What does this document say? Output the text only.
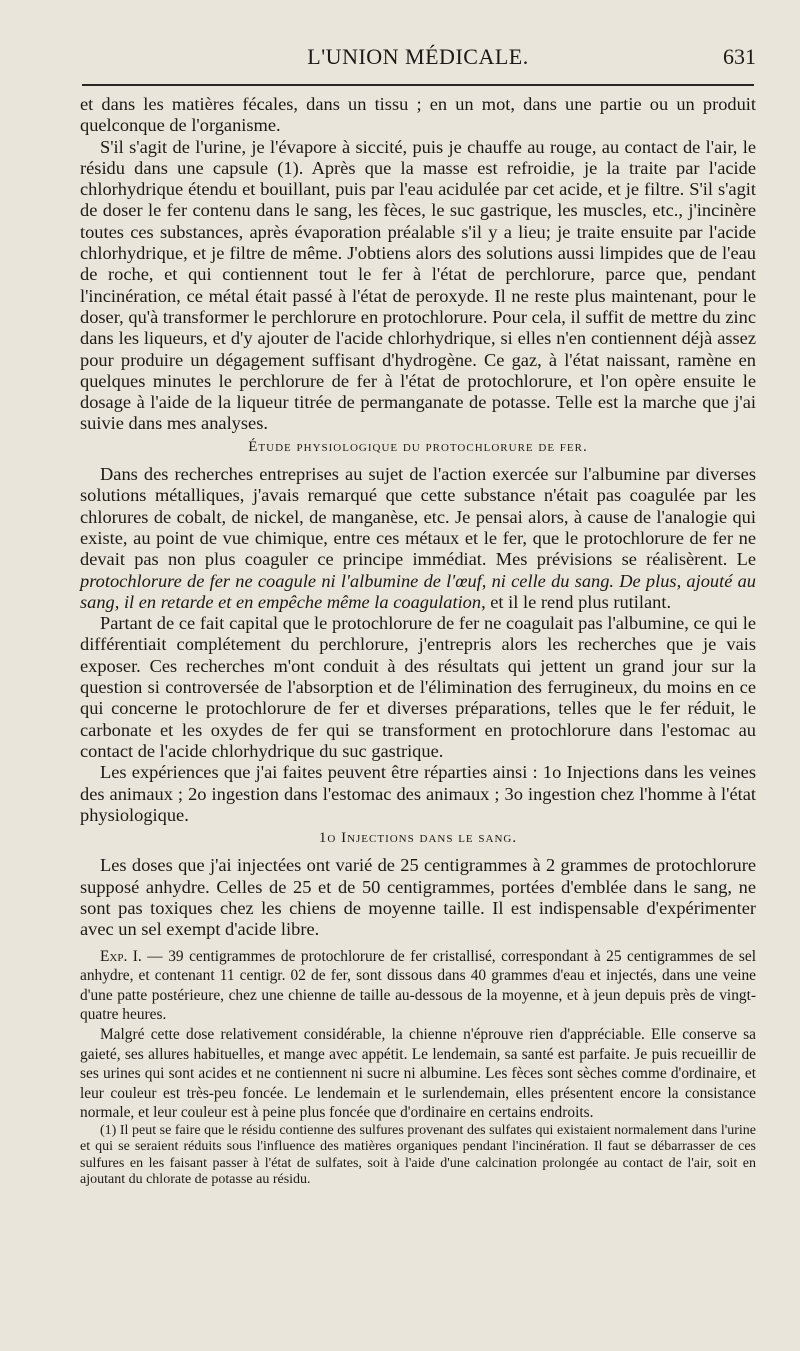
L'UNION MÉDICALE.	631

et dans les matières fécales, dans un tissu ; en un mot, dans une partie ou un produit quelconque de l'organisme.

S'il s'agit de l'urine, je l'évapore à siccité, puis je chauffe au rouge, au contact de l'air, le résidu dans une capsule (1). Après que la masse est refroidie, je la traite par l'acide chlorhydrique étendu et bouillant, puis par l'eau acidulée par cet acide, et je filtre. S'il s'agit de doser le fer contenu dans le sang, les fèces, le suc gastrique, les muscles, etc., j'incinère toutes ces substances, après évaporation préalable s'il y a lieu; je traite ensuite par l'acide chlorhydrique, et je filtre de même. J'obtiens alors des solutions aussi limpides que de l'eau de roche, et qui contiennent tout le fer à l'état de perchlorure, parce que, pendant l'incinération, ce métal était passé à l'état de peroxyde. Il ne reste plus maintenant, pour le doser, qu'à transformer le perchlorure en protochlorure. Pour cela, il suffit de mettre du zinc dans les liqueurs, et d'y ajouter de l'acide chlorhydrique, si elles n'en contiennent déjà assez pour produire un dégagement suffisant d'hydrogène. Ce gaz, à l'état naissant, ramène en quelques minutes le perchlorure de fer à l'état de protochlorure, et l'on opère ensuite le dosage à l'aide de la liqueur titrée de permanganate de potasse. Telle est la marche que j'ai suivie dans mes analyses.

Étude physiologique du protochlorure de fer.

Dans des recherches entreprises au sujet de l'action exercée sur l'albumine par diverses solutions métalliques, j'avais remarqué que cette substance n'était pas coagulée par les chlorures de cobalt, de nickel, de manganèse, etc. Je pensai alors, à cause de l'analogie qui existe, au point de vue chimique, entre ces métaux et le fer, que le protochlorure de fer ne devait pas non plus coaguler ce principe immédiat. Mes prévisions se réalisèrent. Le protochlorure de fer ne coagule ni l'albumine de l'œuf, ni celle du sang. De plus, ajouté au sang, il en retarde et en empêche même la coagulation, et il le rend plus rutilant.

Partant de ce fait capital que le protochlorure de fer ne coagulait pas l'albumine, ce qui le différentiait complétement du perchlorure, j'entrepris alors les recherches que je vais exposer. Ces recherches m'ont conduit à des résultats qui jettent un grand jour sur la question si controversée de l'absorption et de l'élimination des ferrugineux, du moins en ce qui concerne le protochlorure de fer et diverses préparations, telles que le fer réduit, le carbonate et les oxydes de fer qui se transforment en protochlorure dans l'estomac au contact de l'acide chlorhydrique du suc gastrique.

Les expériences que j'ai faites peuvent être réparties ainsi : 1o Injections dans les veines des animaux ; 2o ingestion dans l'estomac des animaux ; 3o ingestion chez l'homme à l'état physiologique.

1o Injections dans le sang.

Les doses que j'ai injectées ont varié de 25 centigrammes à 2 grammes de protochlorure supposé anhydre. Celles de 25 et de 50 centigrammes, portées d'emblée dans le sang, ne sont pas toxiques chez les chiens de moyenne taille. Il est indispensable d'expérimenter avec un sel exempt d'acide libre.

Exp. I. — 39 centigrammes de protochlorure de fer cristallisé, correspondant à 25 centigrammes de sel anhydre, et contenant 11 centigr. 02 de fer, sont dissous dans 40 grammes d'eau et injectés, dans une veine d'une patte postérieure, chez une chienne de taille au-dessous de la moyenne, et à jeun depuis près de vingt-quatre heures.

Malgré cette dose relativement considérable, la chienne n'éprouve rien d'appréciable. Elle conserve sa gaieté, ses allures habituelles, et mange avec appétit. Le lendemain, sa santé est parfaite. Je puis recueillir de ses urines qui sont acides et ne contiennent ni sucre ni albumine. Les fèces sont sèches comme d'ordinaire, et leur couleur est très-peu foncée. Le lendemain et le surlendemain, elles présentent encore la consistance normale, et leur couleur est à peine plus foncée que d'ordinaire en certains endroits.

(1) Il peut se faire que le résidu contienne des sulfures provenant des sulfates qui existaient normalement dans l'urine et qui se seraient réduits sous l'influence des matières organiques pendant l'incinération. Il faut se débarrasser de ces sulfures en les faisant passer à l'état de sulfates, soit à l'aide d'une calcination prolongée au contact de l'air, soit en ajoutant du chlorate de potasse au résidu.
